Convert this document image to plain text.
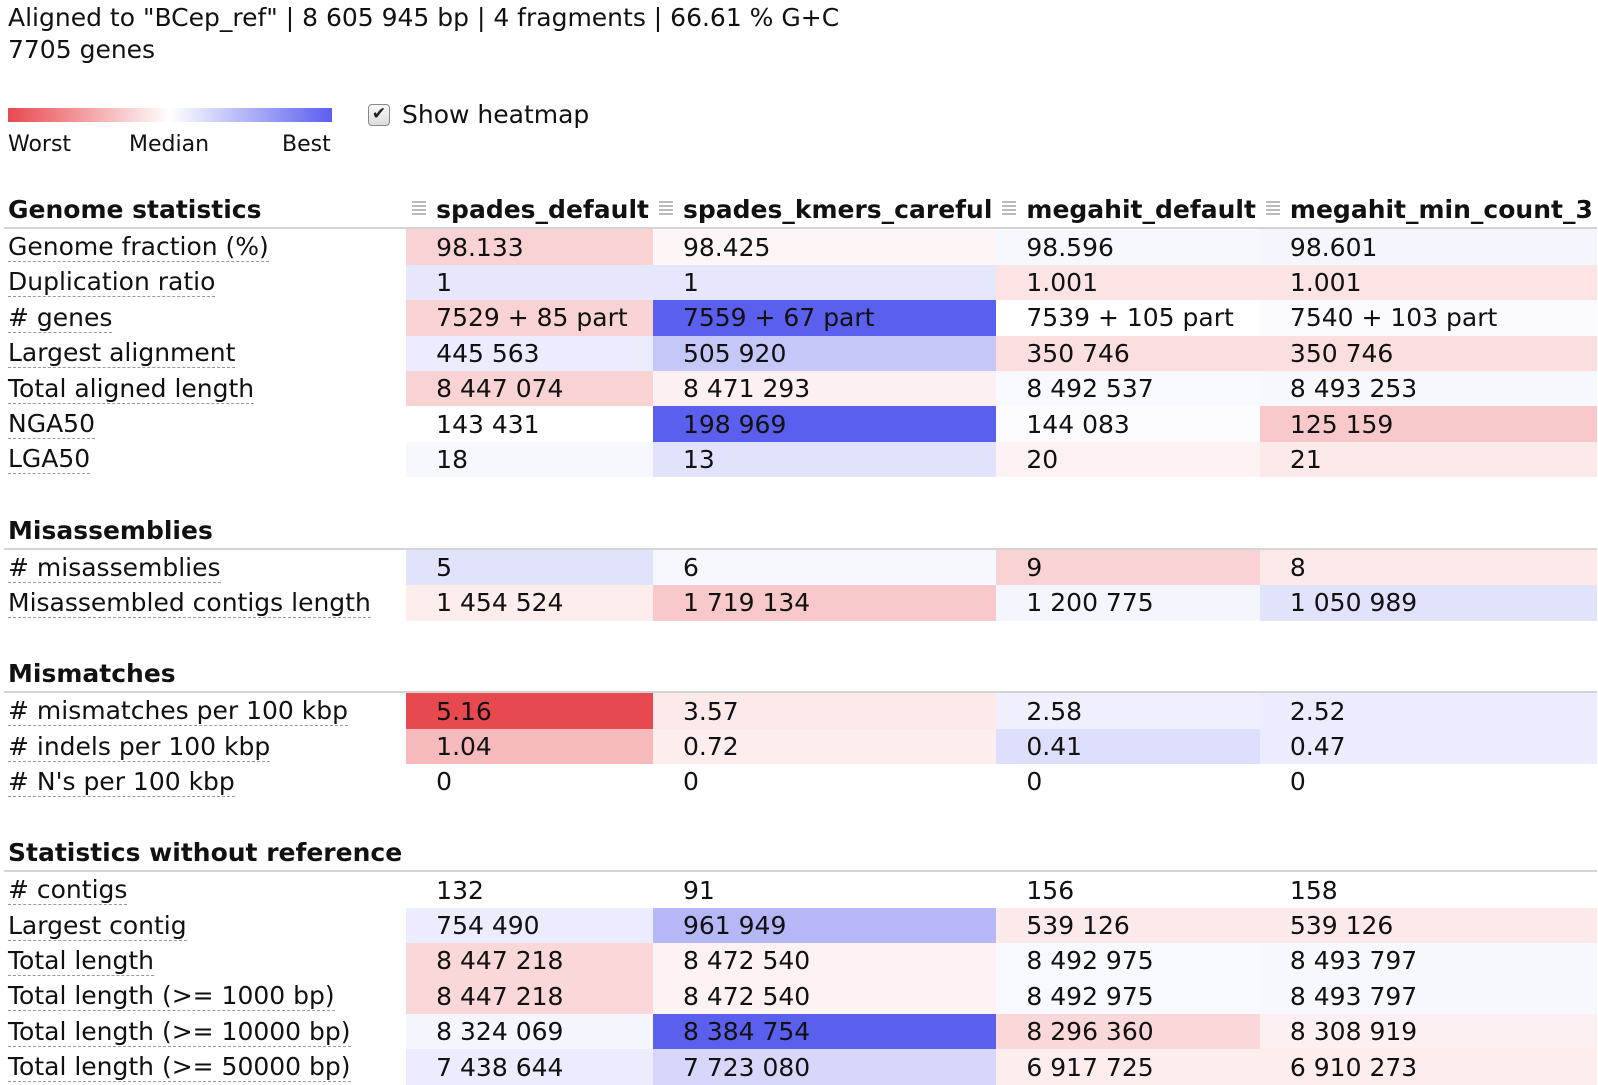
Aligned to "BCep_ref" | 8 605 945 bp | 4 fragments | 66.61 % G+C
7705 genes
Worst	Median	Best
✔ Show heatmap
Genome statistics	spades_default	spades_kmers_careful	megahit_default	megahit_min_count_3
Genome fraction (%)	98.133	98.425	98.596	98.601
Duplication ratio	1	1	1.001	1.001
# genes	7529 + 85 part	7559 + 67 part	7539 + 105 part	7540 + 103 part
Largest alignment	445 563	505 920	350 746	350 746
Total aligned length	8 447 074	8 471 293	8 492 537	8 493 253
NGA50	143 431	198 969	144 083	125 159
LGA50	18	13	20	21

Misassemblies				
# misassemblies	5	6	9	8
Misassembled contigs length	1 454 524	1 719 134	1 200 775	1 050 989

Mismatches				
# mismatches per 100 kbp	5.16	3.57	2.58	2.52
# indels per 100 kbp	1.04	0.72	0.41	0.47
# N's per 100 kbp	0	0	0	0

Statistics without reference				
# contigs	132	91	156	158
Largest contig	754 490	961 949	539 126	539 126
Total length	8 447 218	8 472 540	8 492 975	8 493 797
Total length (>= 1000 bp)	8 447 218	8 472 540	8 492 975	8 493 797
Total length (>= 10000 bp)	8 324 069	8 384 754	8 296 360	8 308 919
Total length (>= 50000 bp)	7 438 644	7 723 080	6 917 725	6 910 273
